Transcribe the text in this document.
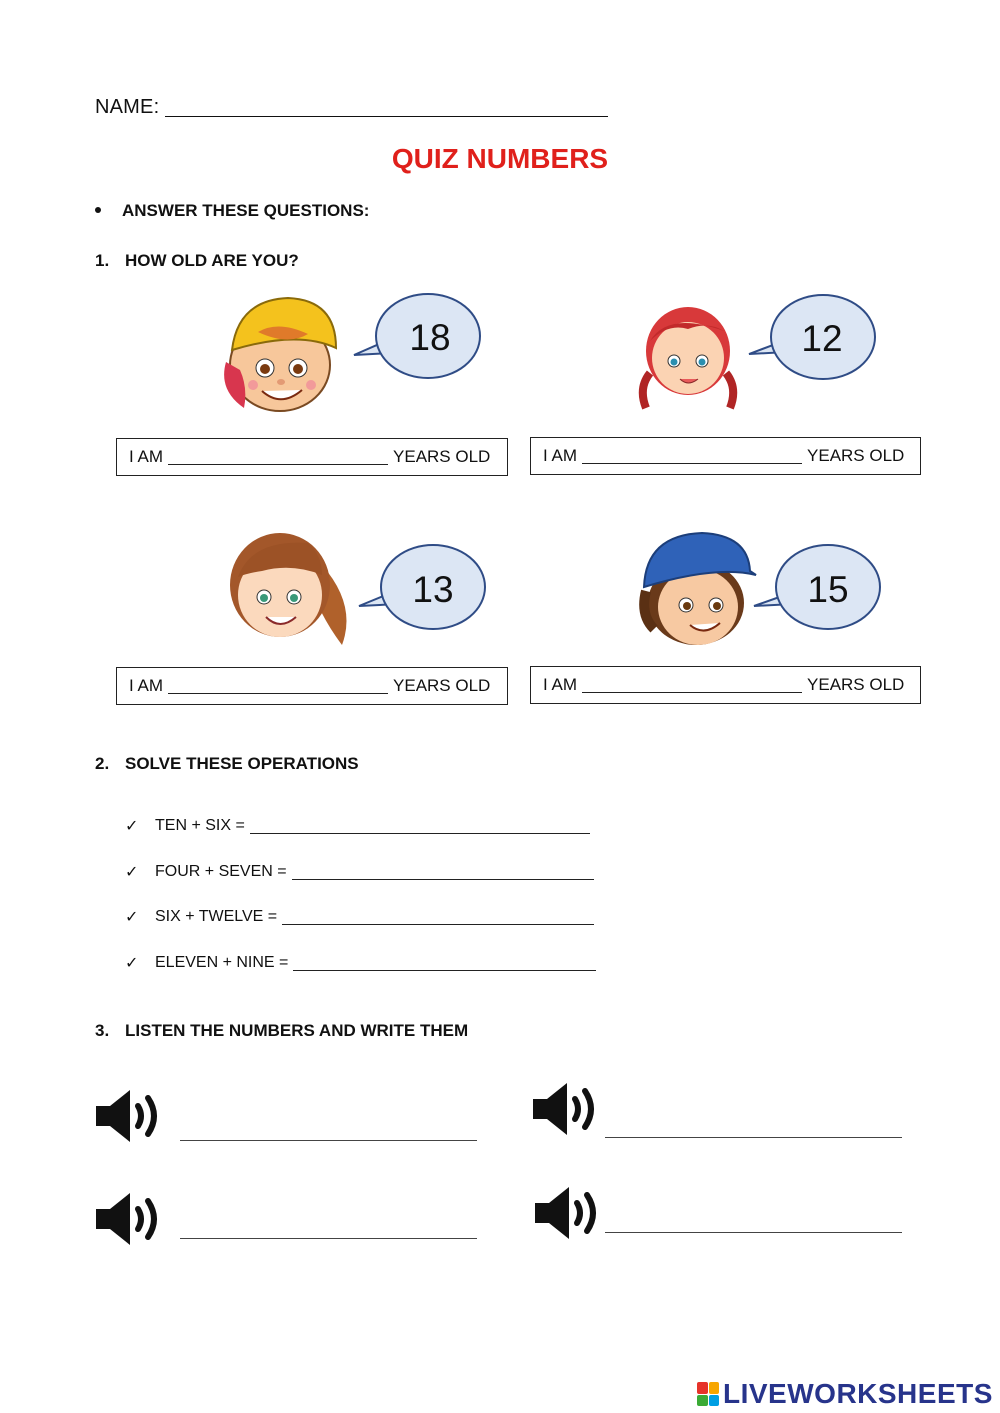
NAME:
QUIZ NUMBERS
ANSWER THESE QUESTIONS:
1. HOW OLD ARE YOU?
18	12
I AM	YEARS OLD	I AM	YEARS OLD
13	15
I AM	YEARS OLD	I AM	YEARS OLD
2. SOLVE THESE OPERATIONS
✓	TEN + SIX =
✓	FOUR + SEVEN =
✓	SIX + TWELVE =
✓	ELEVEN + NINE =
3. LISTEN THE NUMBERS AND WRITE THEM
LIVEWORKSHEETS
